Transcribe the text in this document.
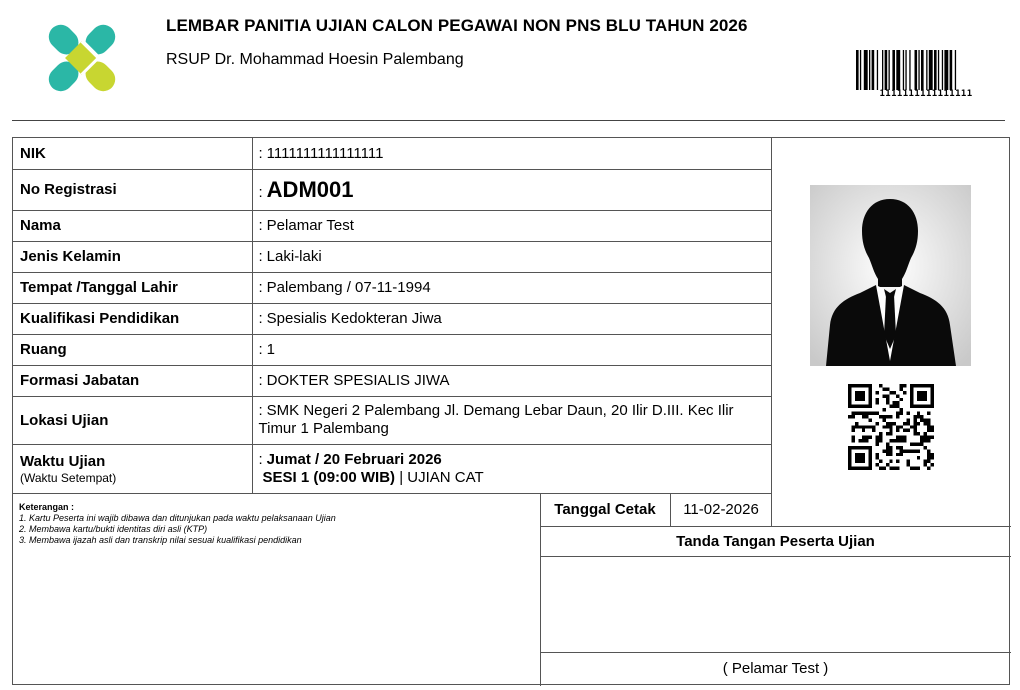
LEMBAR PANITIA UJIAN CALON PEGAWAI NON PNS BLU TAHUN 2026
RSUP Dr. Mohammad Hoesin Palembang
1111111111111111
NIK	: 1111111111111111
No Registrasi	: ADM001
Nama	: Pelamar Test
Jenis Kelamin	: Laki-laki
Tempat /Tanggal Lahir	: Palembang / 07-11-1994
Kualifikasi Pendidikan	: Spesialis Kedokteran Jiwa
Ruang	: 1
Formasi Jabatan	: DOKTER SPESIALIS JIWA
Lokasi Ujian	: SMK Negeri 2 Palembang Jl. Demang Lebar Daun, 20 Ilir D.III. Kec Ilir Timur 1 Palembang
Waktu Ujian
(Waktu Setempat)	: Jumat / 20 Februari 2026
SESI 1 (09:00 WIB) | UJIAN CAT
Keterangan :
1. Kartu Peserta ini wajib dibawa dan ditunjukan pada waktu pelaksanaan Ujian
2. Membawa kartu/bukti identitas diri asli (KTP)
3. Membawa ijazah asli dan transkrip nilai sesuai kualifikasi pendidikan
Tanggal Cetak	11-02-2026
Tanda Tangan Peserta Ujian
( Pelamar Test )
